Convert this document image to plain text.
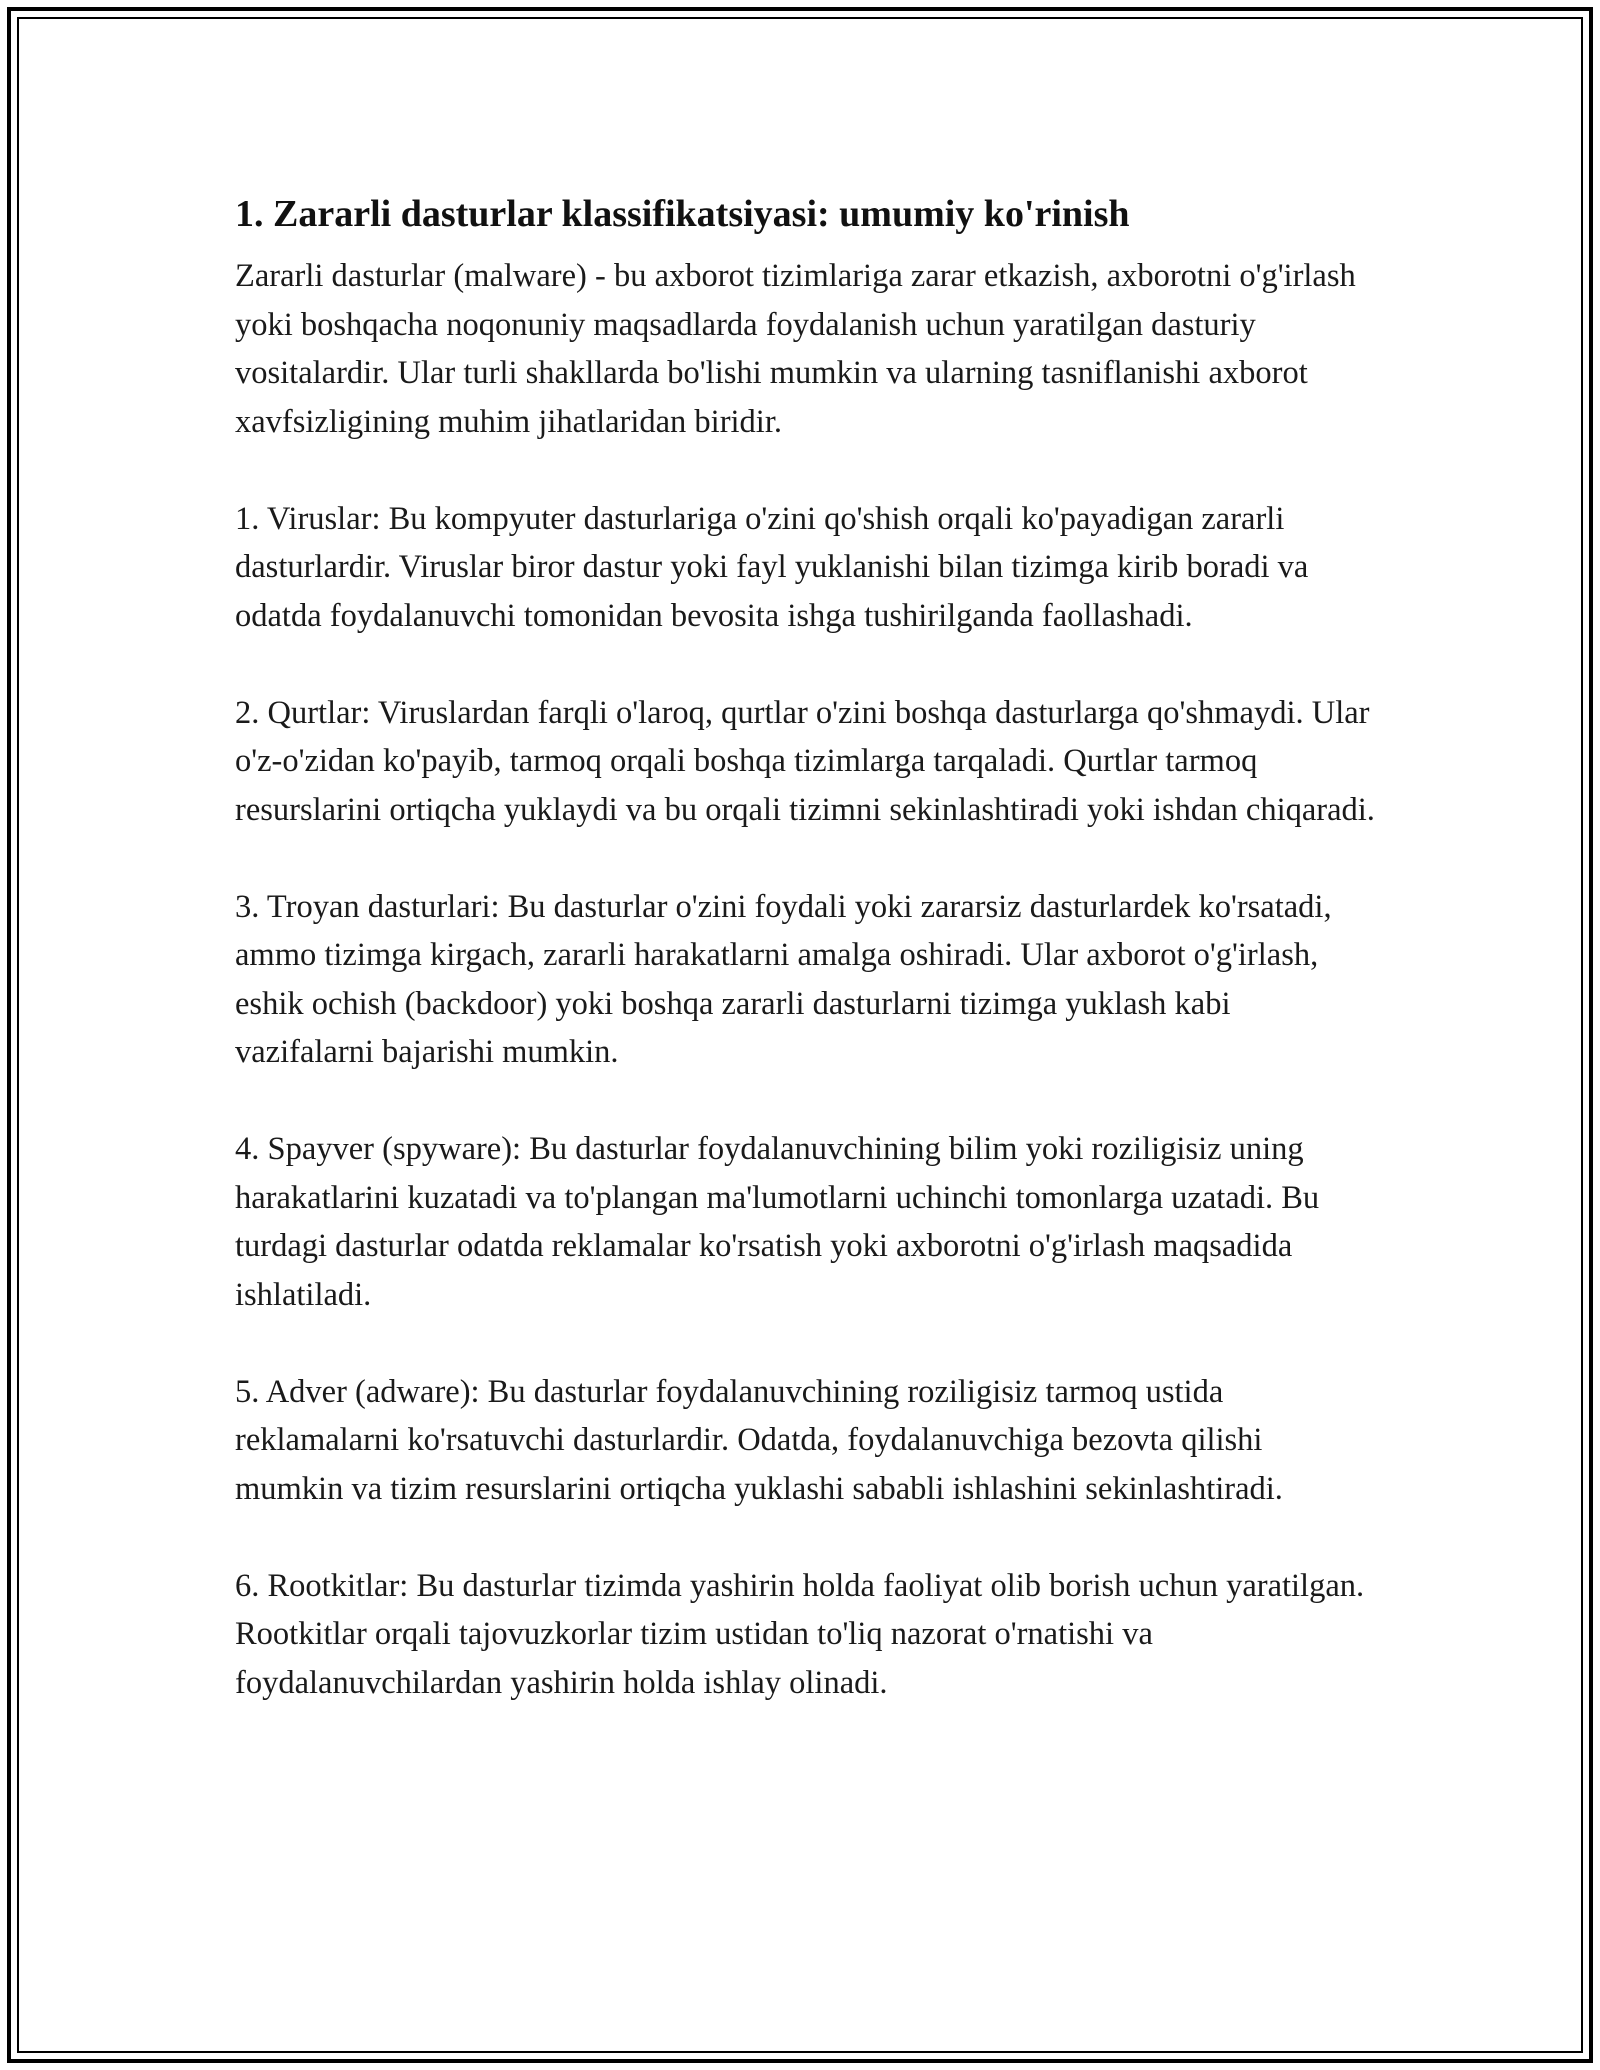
1. Zararli dasturlar klassifikatsiyasi: umumiy ko'rinish

Zararli dasturlar (malware) - bu axborot tizimlariga zarar etkazish, axborotni o'g'irlash yoki boshqacha noqonuniy maqsadlarda foydalanish uchun yaratilgan dasturiy vositalardir. Ular turli shakllarda bo'lishi mumkin va ularning tasniflanishi axborot xavfsizligining muhim jihatlaridan biridir.

1. Viruslar: Bu kompyuter dasturlariga o'zini qo'shish orqali ko'payadigan zararli dasturlardir. Viruslar biror dastur yoki fayl yuklanishi bilan tizimga kirib boradi va odatda foydalanuvchi tomonidan bevosita ishga tushirilganda faollashadi.

2. Qurtlar: Viruslardan farqli o'laroq, qurtlar o'zini boshqa dasturlarga qo'shmaydi. Ular o'z-o'zidan ko'payib, tarmoq orqali boshqa tizimlarga tarqaladi. Qurtlar tarmoq resurslarini ortiqcha yuklaydi va bu orqali tizimni sekinlashtiradi yoki ishdan chiqaradi.

3. Troyan dasturlari: Bu dasturlar o'zini foydali yoki zararsiz dasturlardek ko'rsatadi, ammo tizimga kirgach, zararli harakatlarni amalga oshiradi. Ular axborot o'g'irlash, eshik ochish (backdoor) yoki boshqa zararli dasturlarni tizimga yuklash kabi vazifalarni bajarishi mumkin.

4. Spayver (spyware): Bu dasturlar foydalanuvchining bilim yoki roziligisiz uning harakatlarini kuzatadi va to'plangan ma'lumotlarni uchinchi tomonlarga uzatadi. Bu turdagi dasturlar odatda reklamalar ko'rsatish yoki axborotni o'g'irlash maqsadida ishlatiladi.

5. Adver (adware): Bu dasturlar foydalanuvchining roziligisiz tarmoq ustida reklamalarni ko'rsatuvchi dasturlardir. Odatda, foydalanuvchiga bezovta qilishi mumkin va tizim resurslarini ortiqcha yuklashi sababli ishlashini sekinlashtiradi.

6. Rootkitlar: Bu dasturlar tizimda yashirin holda faoliyat olib borish uchun yaratilgan. Rootkitlar orqali tajovuzkorlar tizim ustidan to'liq nazorat o'rnatishi va foydalanuvchilardan yashirin holda ishlay olinadi.
